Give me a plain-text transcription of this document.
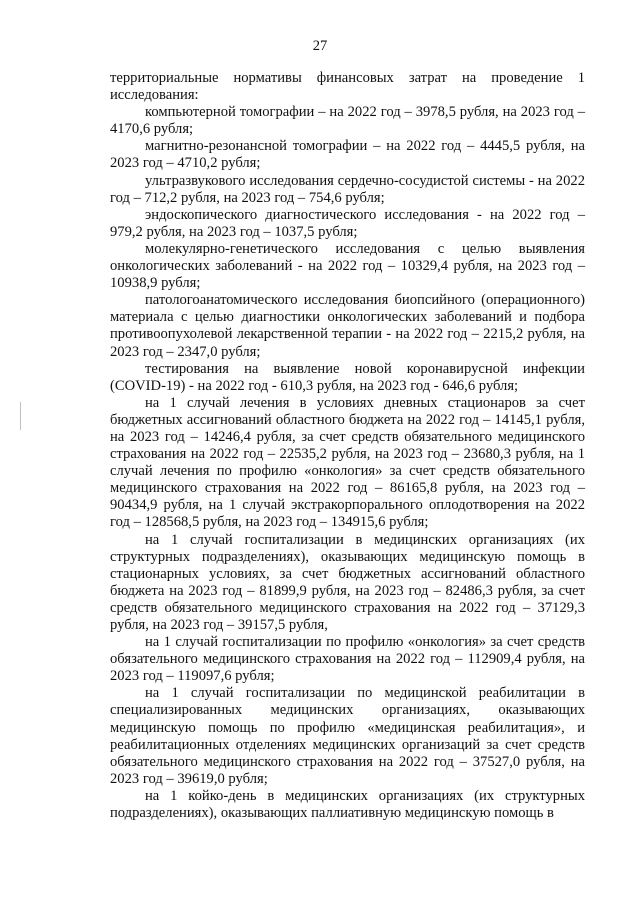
27

территориальные нормативы финансовых затрат на проведение 1 исследования:

компьютерной томографии – на 2022 год – 3978,5 рубля, на 2023 год – 4170,6 рубля;

магнитно-резонансной томографии – на 2022 год – 4445,5 рубля, на 2023 год – 4710,2 рубля;

ультразвукового исследования сердечно-сосудистой системы - на 2022 год – 712,2 рубля, на 2023 год – 754,6 рубля;

эндоскопического диагностического исследования - на 2022 год – 979,2 рубля, на 2023 год – 1037,5 рубля;

молекулярно-генетического исследования с целью выявления онкологических заболеваний - на 2022 год – 10329,4 рубля, на 2023 год – 10938,9 рубля;

патологоанатомического исследования биопсийного (операционного) материала с целью диагностики онкологических заболеваний и подбора противоопухолевой лекарственной терапии - на 2022 год – 2215,2 рубля, на 2023 год – 2347,0 рубля;

тестирования на выявление новой коронавирусной инфекции (COVID-19) - на 2022 год - 610,3 рубля, на 2023 год - 646,6 рубля;

на 1 случай лечения в условиях дневных стационаров за счет бюджетных ассигнований областного бюджета на 2022 год – 14145,1 рубля, на 2023 год – 14246,4 рубля, за счет средств обязательного медицинского страхования на 2022 год – 22535,2 рубля, на 2023 год – 23680,3 рубля, на 1 случай лечения по профилю «онкология» за счет средств обязательного медицинского страхования на 2022 год – 86165,8 рубля, на 2023 год – 90434,9 рубля, на 1 случай экстракорпорального оплодотворения на 2022 год – 128568,5 рубля, на 2023 год – 134915,6 рубля;

на 1 случай госпитализации в медицинских организациях (их структурных подразделениях), оказывающих медицинскую помощь в стационарных условиях, за счет бюджетных ассигнований областного бюджета на 2023 год – 81899,9 рубля, на 2023 год – 82486,3 рубля, за счет средств обязательного медицинского страхования на 2022 год – 37129,3 рубля, на 2023 год – 39157,5 рубля,

на 1 случай госпитализации по профилю «онкология» за счет средств обязательного медицинского страхования на 2022 год – 112909,4 рубля, на 2023 год – 119097,6 рубля;

на 1 случай госпитализации по медицинской реабилитации в специализированных медицинских организациях, оказывающих медицинскую помощь по профилю «медицинская реабилитация», и реабилитационных отделениях медицинских организаций за счет средств обязательного медицинского страхования на 2022 год – 37527,0 рубля, на 2023 год – 39619,0 рубля;

на 1 койко-день в медицинских организациях (их структурных подразделениях), оказывающих паллиативную медицинскую помощь в
